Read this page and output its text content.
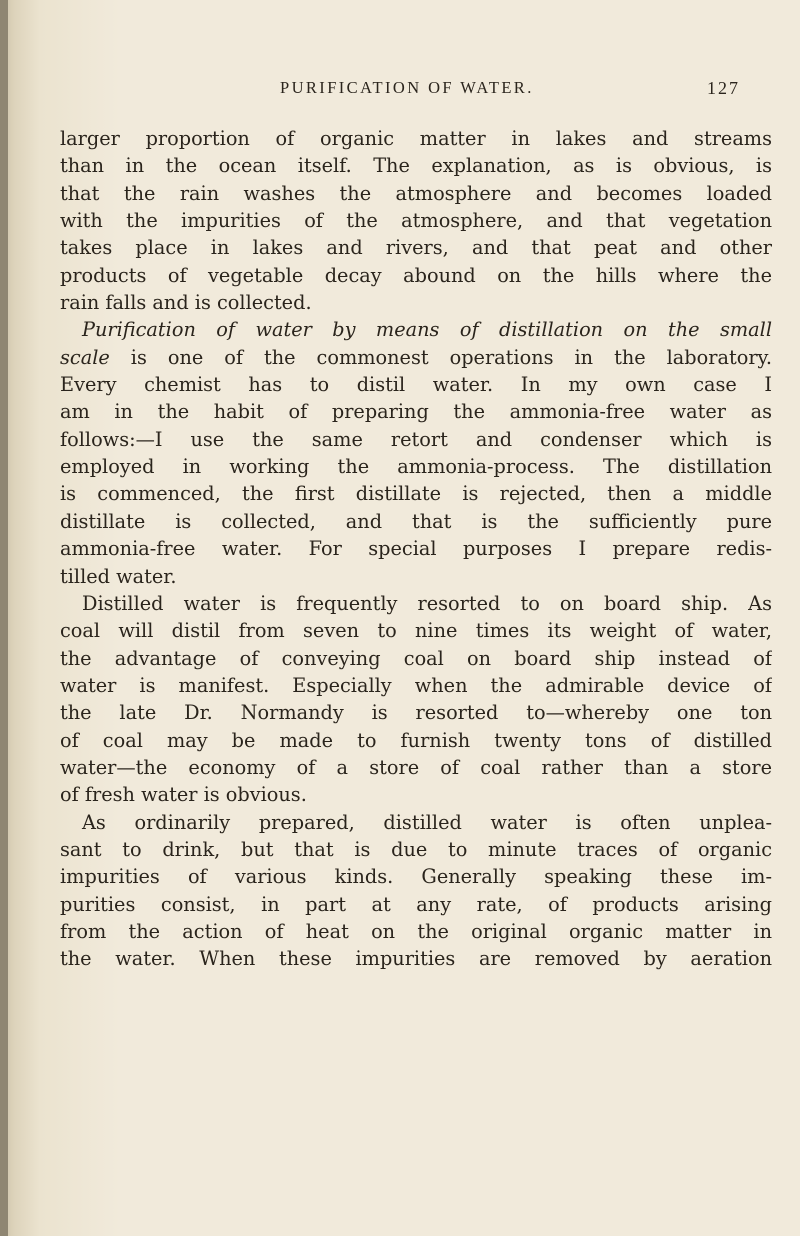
PURIFICATION OF WATER.	127
larger proportion of organic matter in lakes and streams
than in the ocean itself. The explanation, as is obvious, is
that the rain washes the atmosphere and becomes loaded
with the impurities of the atmosphere, and that vegetation
takes place in lakes and rivers, and that peat and other
products of vegetable decay abound on the hills where the
rain falls and is collected.
Purification of water by means of distillation on the small
scale is one of the commonest operations in the laboratory.
Every chemist has to distil water. In my own case I
am in the habit of preparing the ammonia-free water as
follows:—I use the same retort and condenser which is
employed in working the ammonia-process. The distillation
is commenced, the first distillate is rejected, then a middle
distillate is collected, and that is the sufficiently pure
ammonia-free water. For special purposes I prepare redis-
tilled water.
Distilled water is frequently resorted to on board ship. As
coal will distil from seven to nine times its weight of water,
the advantage of conveying coal on board ship instead of
water is manifest. Especially when the admirable device of
the late Dr. Normandy is resorted to—whereby one ton
of coal may be made to furnish twenty tons of distilled
water—the economy of a store of coal rather than a store
of fresh water is obvious.
As ordinarily prepared, distilled water is often unplea-
sant to drink, but that is due to minute traces of organic
impurities of various kinds. Generally speaking these im-
purities consist, in part at any rate, of products arising
from the action of heat on the original organic matter in
the water. When these impurities are removed by aeration
